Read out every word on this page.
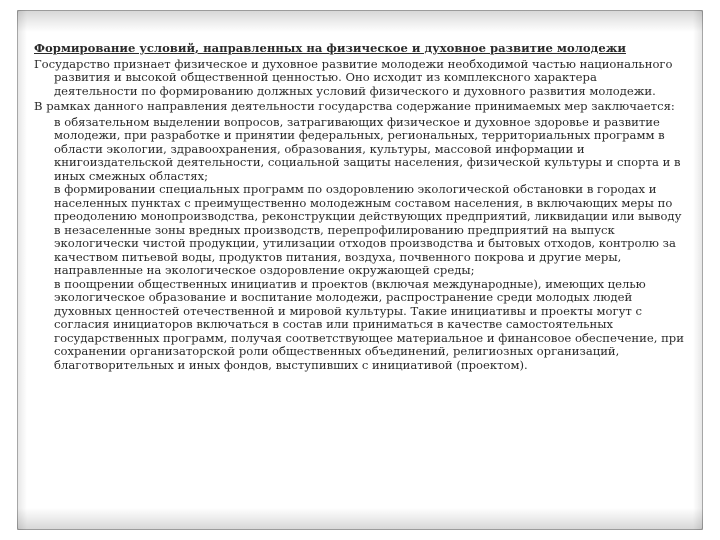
Формирование условий, направленных на физическое и духовное развитие молодежи

Государство признает физическое и духовное развитие молодежи необходимой частью национального развития и высокой общественной ценностью. Оно исходит из комплексного характера деятельности по формированию должных условий физического и духовного развития молодежи.

В рамках данного направления деятельности государства содержание принимаемых мер заключается:

в обязательном выделении вопросов, затрагивающих физическое и духовное здоровье и развитие молодежи, при разработке и принятии федеральных, региональных, территориальных программ в области экологии, здравоохранения, образования, культуры, массовой информации и книгоиздательской деятельности, социальной защиты населения, физической культуры и спорта и в иных смежных областях;

в формировании специальных программ по оздоровлению экологической обстановки в городах и населенных пунктах с преимущественно молодежным составом населения, в включающих меры по преодолению монопроизводства, реконструкции действующих предприятий, ликвидации или выводу в незаселенные зоны вредных производств, перепрофилированию предприятий на выпуск экологически чистой продукции, утилизации отходов производства и бытовых отходов, контролю за качеством питьевой воды, продуктов питания, воздуха, почвенного покрова и другие меры, направленные на экологическое оздоровление окружающей среды;

в поощрении общественных инициатив и проектов (включая международные), имеющих целью экологическое образование и воспитание молодежи, распространение среди молодых людей духовных ценностей отечественной и мировой культуры. Такие инициативы и проекты могут с согласия инициаторов включаться в состав или приниматься в качестве самостоятельных государственных программ, получая соответствующее материальное и финансовое обеспечение, при сохранении организаторской роли общественных объединений, религиозных организаций, благотворительных и иных фондов, выступивших с инициативой (проектом).
